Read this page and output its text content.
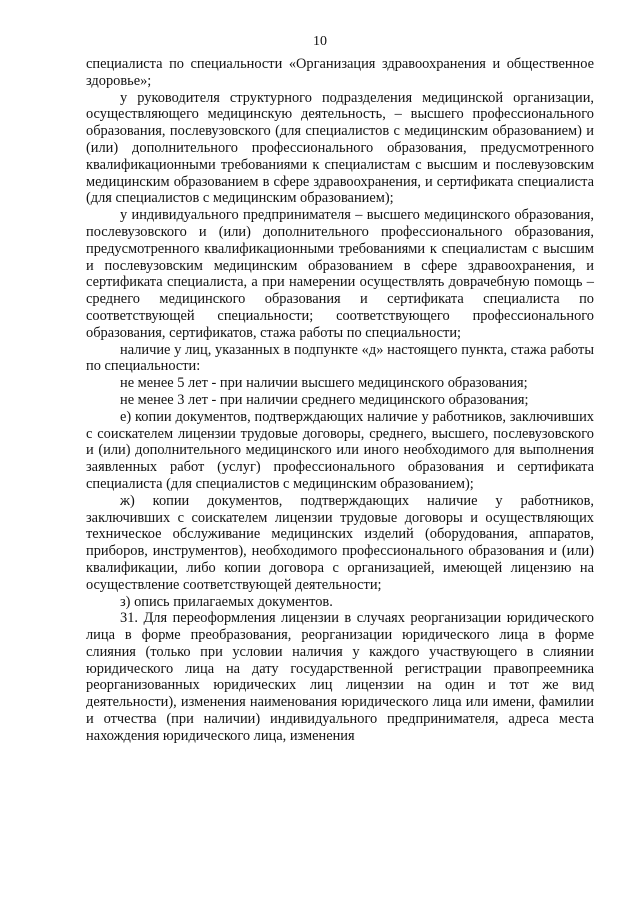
10

специалиста по специальности «Организация здравоохранения и общественное здоровье»;

у руководителя структурного подразделения медицинской организации, осуществляющего медицинскую деятельность, – высшего профессионального образования, послевузовского (для специалистов с медицинским образованием) и (или) дополнительного профессионального образования, предусмотренного квалификационными требованиями к специалистам с высшим и послевузовским медицинским образованием в сфере здравоохранения, и сертификата специалиста (для специалистов с медицинским образованием);

у индивидуального предпринимателя – высшего медицинского образования, послевузовского и (или) дополнительного профессионального образования, предусмотренного квалификационными требованиями к специалистам с высшим и послевузовским медицинским образованием в сфере здравоохранения, и сертификата специалиста, а при намерении осуществлять доврачебную помощь – среднего медицинского образования и сертификата специалиста по соответствующей специальности; соответствующего профессионального образования, сертификатов, стажа работы по специальности;

наличие у лиц, указанных в подпункте «д» настоящего пункта, стажа работы по специальности:

не менее 5 лет - при наличии высшего медицинского образования;

не менее 3 лет - при наличии среднего медицинского образования;

е) копии документов, подтверждающих наличие у работников, заключивших с соискателем лицензии трудовые договоры, среднего, высшего, послевузовского и (или) дополнительного медицинского или иного необходимого для выполнения заявленных работ (услуг) профессионального образования и сертификата специалиста (для специалистов с медицинским образованием);

ж) копии документов, подтверждающих наличие у работников, заключивших с соискателем лицензии трудовые договоры и осуществляющих техническое обслуживание медицинских изделий (оборудования, аппаратов, приборов, инструментов), необходимого профессионального образования и (или) квалификации, либо копии договора с организацией, имеющей лицензию на осуществление соответствующей деятельности;

з) опись прилагаемых документов.

31. Для переоформления лицензии в случаях реорганизации юридического лица в форме преобразования, реорганизации юридического лица в форме слияния (только при условии наличия у каждого участвующего в слиянии юридического лица на дату государственной регистрации правопреемника реорганизованных юридических лиц лицензии на один и тот же вид деятельности), изменения наименования юридического лица или имени, фамилии и отчества (при наличии) индивидуального предпринимателя, адреса места нахождения юридического лица, изменения
